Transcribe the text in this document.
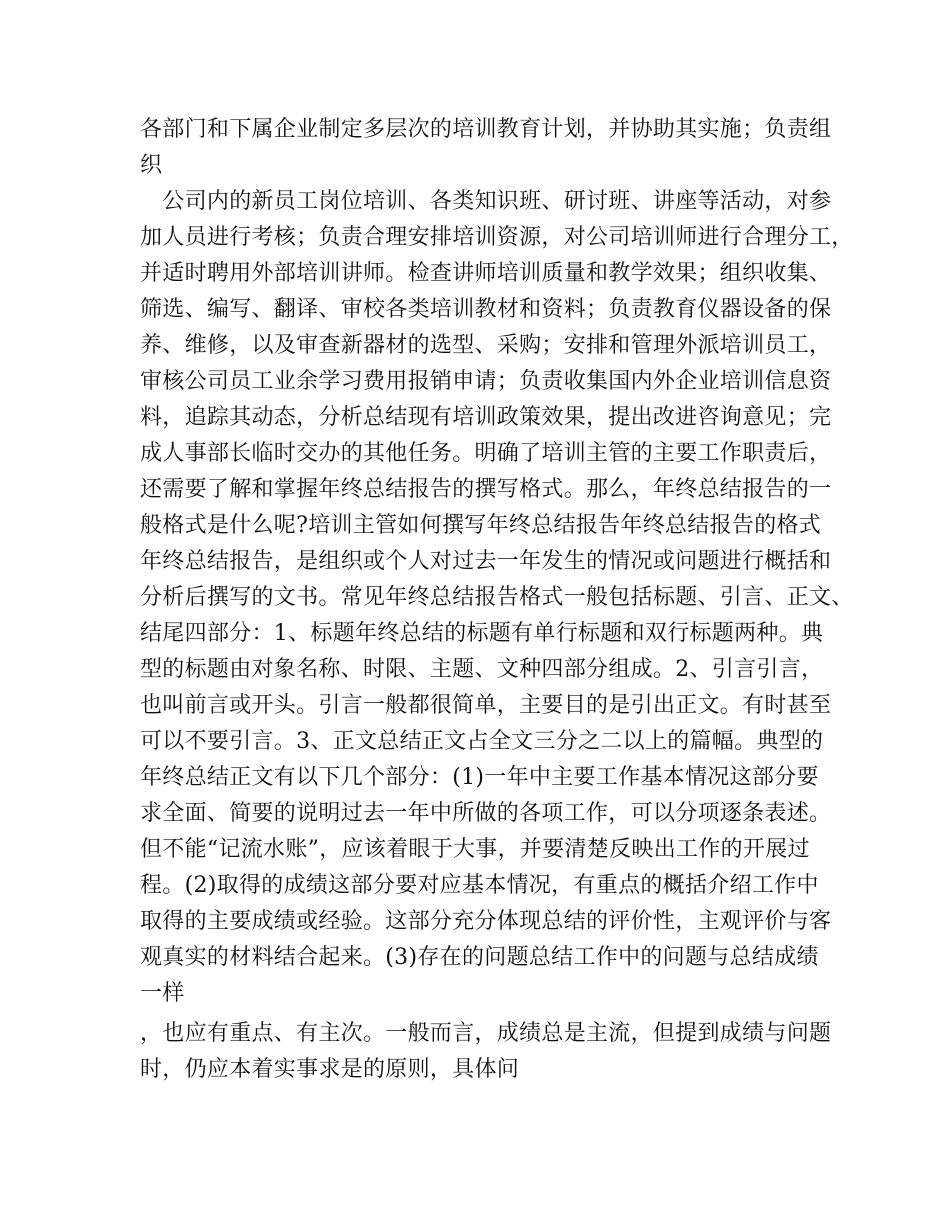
各部门和下属企业制定多层次的培训教育计划，并协助其实施；负责组
织
　公司内的新员工岗位培训、各类知识班、研讨班、讲座等活动，对参
加人员进行考核；负责合理安排培训资源，对公司培训师进行合理分工，
并适时聘用外部培训讲师。检查讲师培训质量和教学效果；组织收集、
筛选、编写、翻译、审校各类培训教材和资料；负责教育仪器设备的保
养、维修，以及审查新器材的选型、采购；安排和管理外派培训员工，
审核公司员工业余学习费用报销申请；负责收集国内外企业培训信息资
料，追踪其动态，分析总结现有培训政策效果，提出改进咨询意见；完
成人事部长临时交办的其他任务。明确了培训主管的主要工作职责后，
还需要了解和掌握年终总结报告的撰写格式。那么，年终总结报告的一
般格式是什么呢?培训主管如何撰写年终总结报告年终总结报告的格式
年终总结报告，是组织或个人对过去一年发生的情况或问题进行概括和
分析后撰写的文书。常见年终总结报告格式一般包括标题、引言、正文、
结尾四部分：1、标题年终总结的标题有单行标题和双行标题两种。典
型的标题由对象名称、时限、主题、文种四部分组成。2、引言引言，
也叫前言或开头。引言一般都很简单，主要目的是引出正文。有时甚至
可以不要引言。3、正文总结正文占全文三分之二以上的篇幅。典型的
年终总结正文有以下几个部分：(1)一年中主要工作基本情况这部分要
求全面、简要的说明过去一年中所做的各项工作，可以分项逐条表述。
但不能“记流水账”，应该着眼于大事，并要清楚反映出工作的开展过
程。(2)取得的成绩这部分要对应基本情况，有重点的概括介绍工作中
取得的主要成绩或经验。这部分充分体现总结的评价性，主观评价与客
观真实的材料结合起来。(3)存在的问题总结工作中的问题与总结成绩
一样
，也应有重点、有主次。一般而言，成绩总是主流，但提到成绩与问题
时，仍应本着实事求是的原则，具体问
